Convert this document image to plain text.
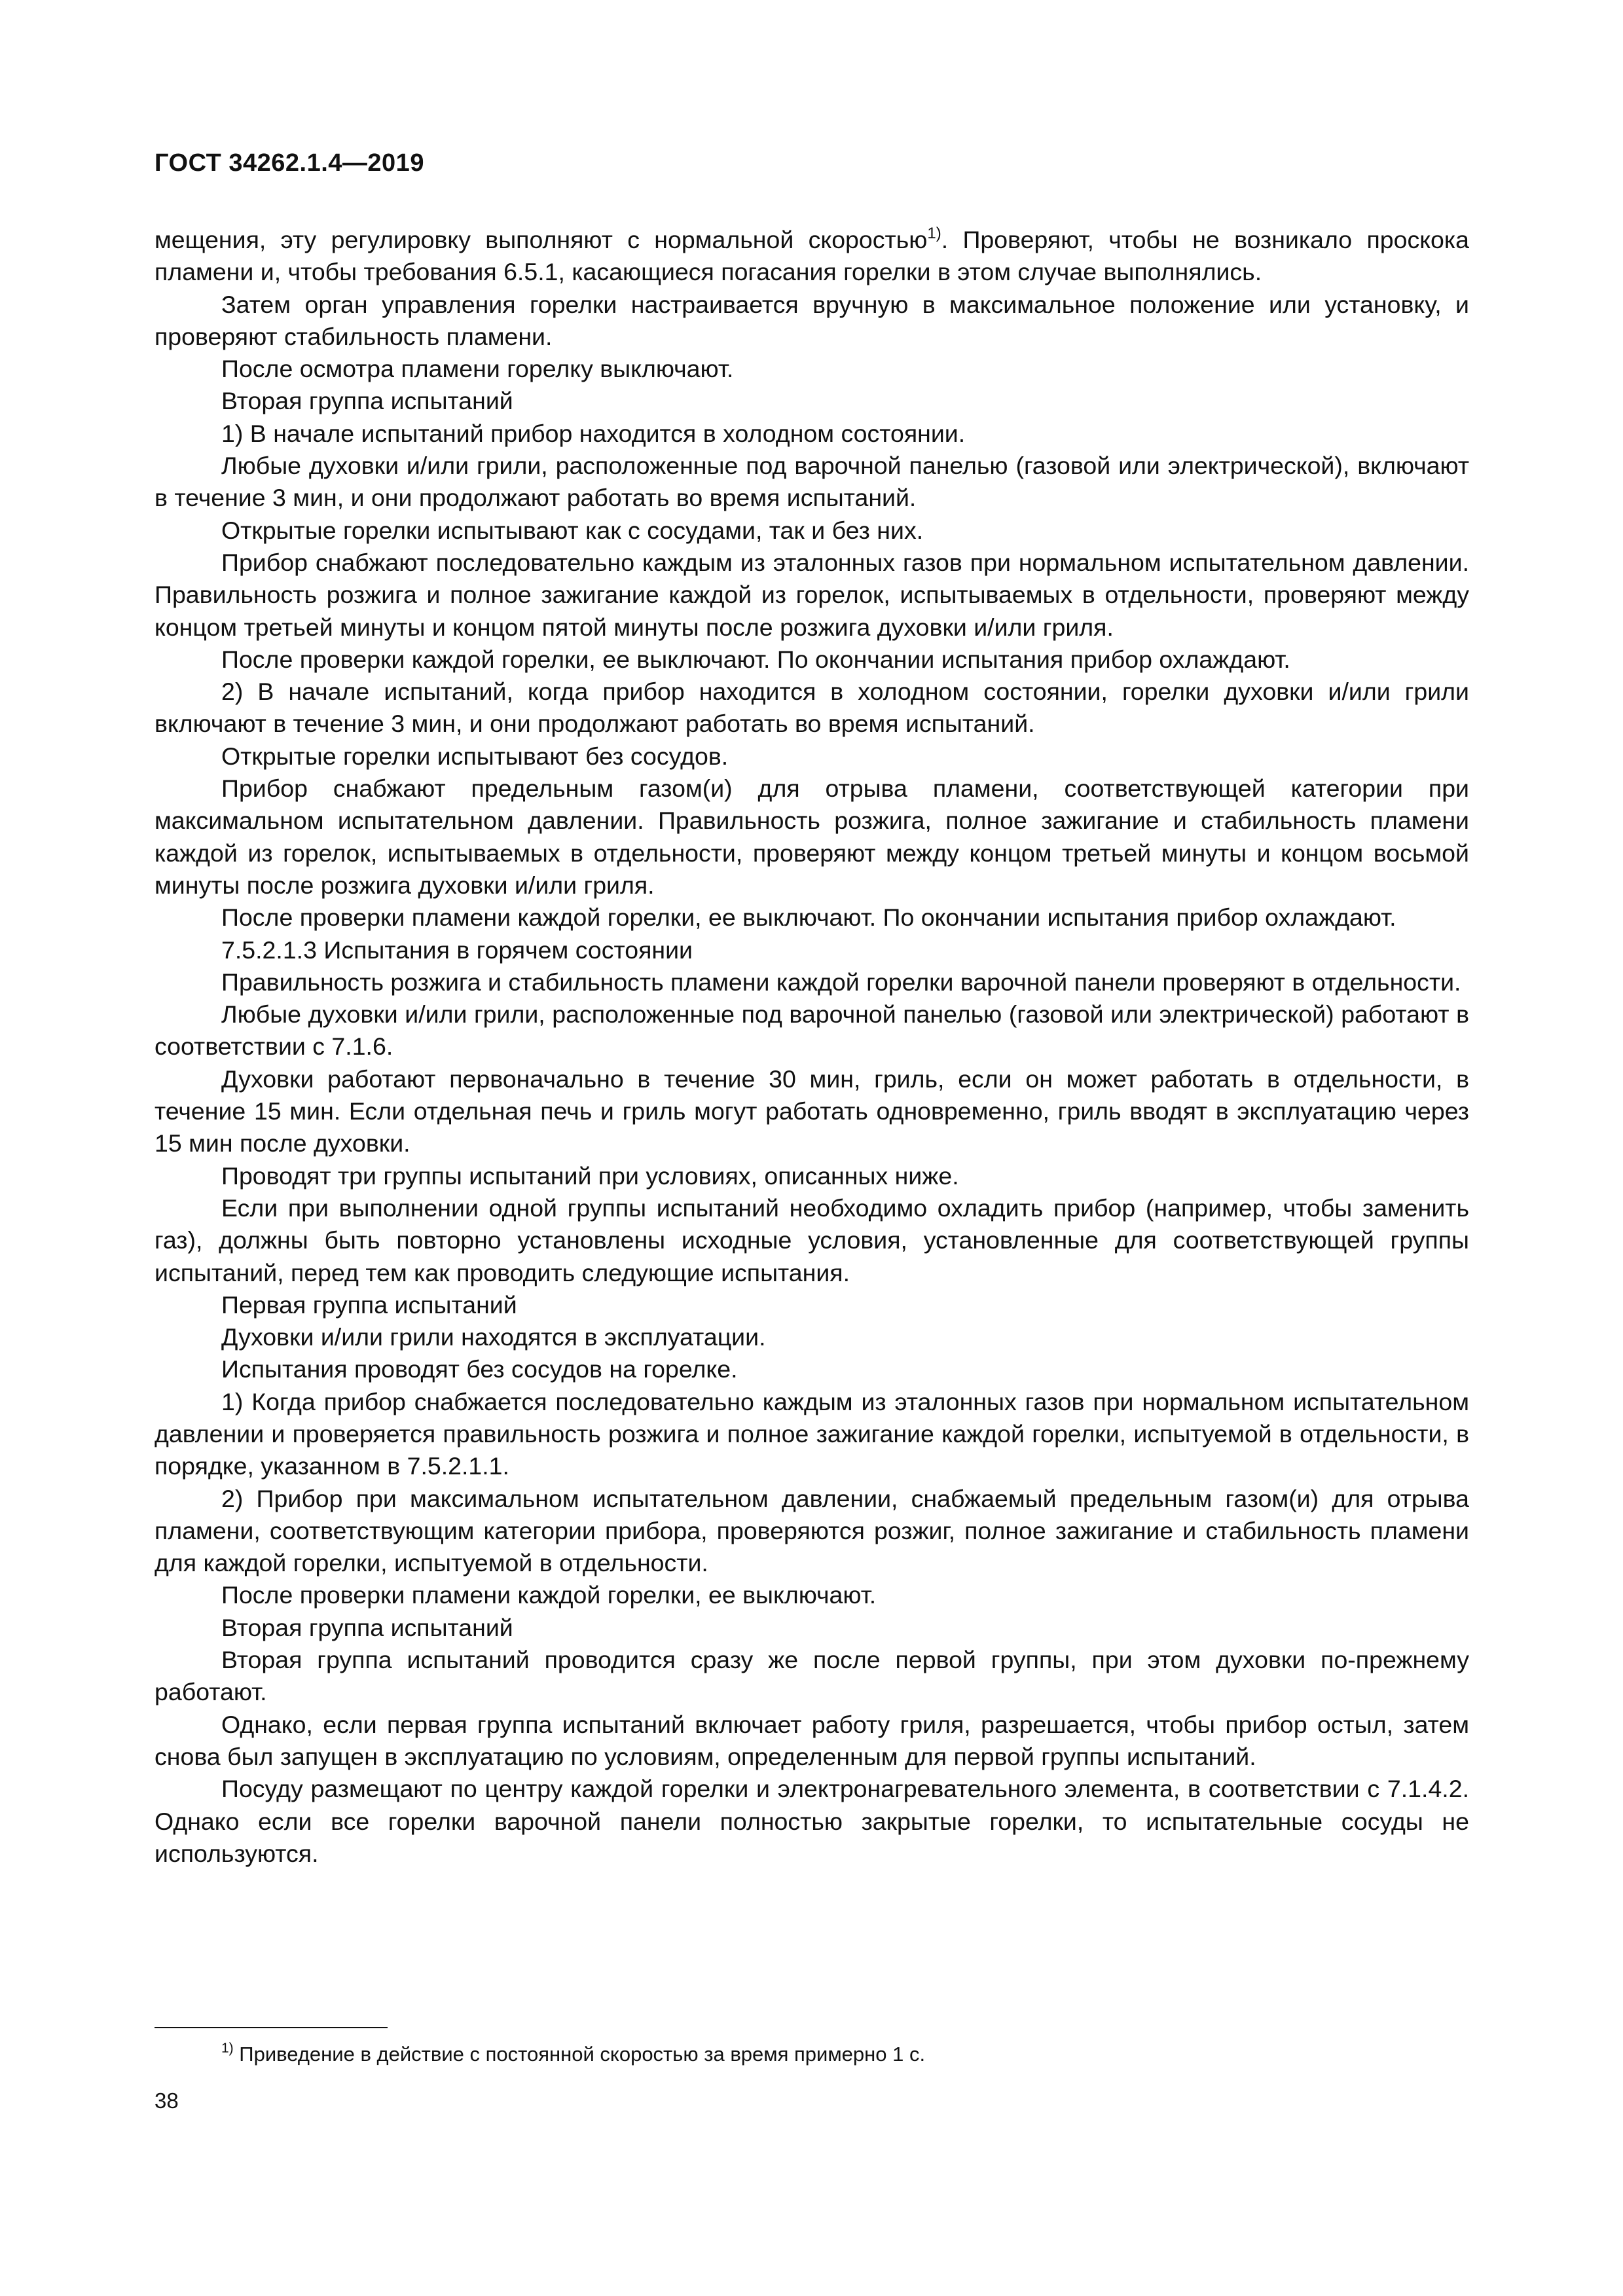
ГОСТ 34262.1.4—2019

мещения, эту регулировку выполняют с нормальной скоростью$^{1)}$. Проверяют, чтобы не возникало проскока пламени и, чтобы требования 6.5.1, касающиеся погасания горелки в этом случае выполнялись.

Затем орган управления горелки настраивается вручную в максимальное положение или установку, и проверяют стабильность пламени.

После осмотра пламени горелку выключают.

Вторая группа испытаний

1) В начале испытаний прибор находится в холодном состоянии.

Любые духовки и/или грили, расположенные под варочной панелью (газовой или электрической), включают в течение 3 мин, и они продолжают работать во время испытаний.

Открытые горелки испытывают как с сосудами, так и без них.

Прибор снабжают последовательно каждым из эталонных газов при нормальном испытательном давлении. Правильность розжига и полное зажигание каждой из горелок, испытываемых в отдельности, проверяют между концом третьей минуты и концом пятой минуты после розжига духовки и/или гриля.

После проверки каждой горелки, ее выключают. По окончании испытания прибор охлаждают.

2) В начале испытаний, когда прибор находится в холодном состоянии, горелки духовки и/или грили включают в течение 3 мин, и они продолжают работать во время испытаний.

Открытые горелки испытывают без сосудов.

Прибор снабжают предельным газом(и) для отрыва пламени, соответствующей категории при максимальном испытательном давлении. Правильность розжига, полное зажигание и стабильность пламени каждой из горелок, испытываемых в отдельности, проверяют между концом третьей минуты и концом восьмой минуты после розжига духовки и/или гриля.

После проверки пламени каждой горелки, ее выключают. По окончании испытания прибор охлаждают.

7.5.2.1.3 Испытания в горячем состоянии

Правильность розжига и стабильность пламени каждой горелки варочной панели проверяют в отдельности.

Любые духовки и/или грили, расположенные под варочной панелью (газовой или электрической) работают в соответствии с 7.1.6.

Духовки работают первоначально в течение 30 мин, гриль, если он может работать в отдельности, в течение 15 мин. Если отдельная печь и гриль могут работать одновременно, гриль вводят в эксплуатацию через 15 мин после духовки.

Проводят три группы испытаний при условиях, описанных ниже.

Если при выполнении одной группы испытаний необходимо охладить прибор (например, чтобы заменить газ), должны быть повторно установлены исходные условия, установленные для соответствующей группы испытаний, перед тем как проводить следующие испытания.

Первая группа испытаний

Духовки и/или грили находятся в эксплуатации.

Испытания проводят без сосудов на горелке.

1) Когда прибор снабжается последовательно каждым из эталонных газов при нормальном испытательном давлении и проверяется правильность розжига и полное зажигание каждой горелки, испытуемой в отдельности, в порядке, указанном в 7.5.2.1.1.

2) Прибор при максимальном испытательном давлении, снабжаемый предельным газом(и) для отрыва пламени, соответствующим категории прибора, проверяются розжиг, полное зажигание и стабильность пламени для каждой горелки, испытуемой в отдельности.

После проверки пламени каждой горелки, ее выключают.

Вторая группа испытаний

Вторая группа испытаний проводится сразу же после первой группы, при этом духовки по-прежнему работают.

Однако, если первая группа испытаний включает работу гриля, разрешается, чтобы прибор остыл, затем снова был запущен в эксплуатацию по условиям, определенным для первой группы испытаний.

Посуду размещают по центру каждой горелки и электронагревательного элемента, в соответствии с 7.1.4.2. Однако если все горелки варочной панели полностью закрытые горелки, то испытательные сосуды не используются.

$^{1)}$ Приведение в действие с постоянной скоростью за время примерно 1 с.
38
